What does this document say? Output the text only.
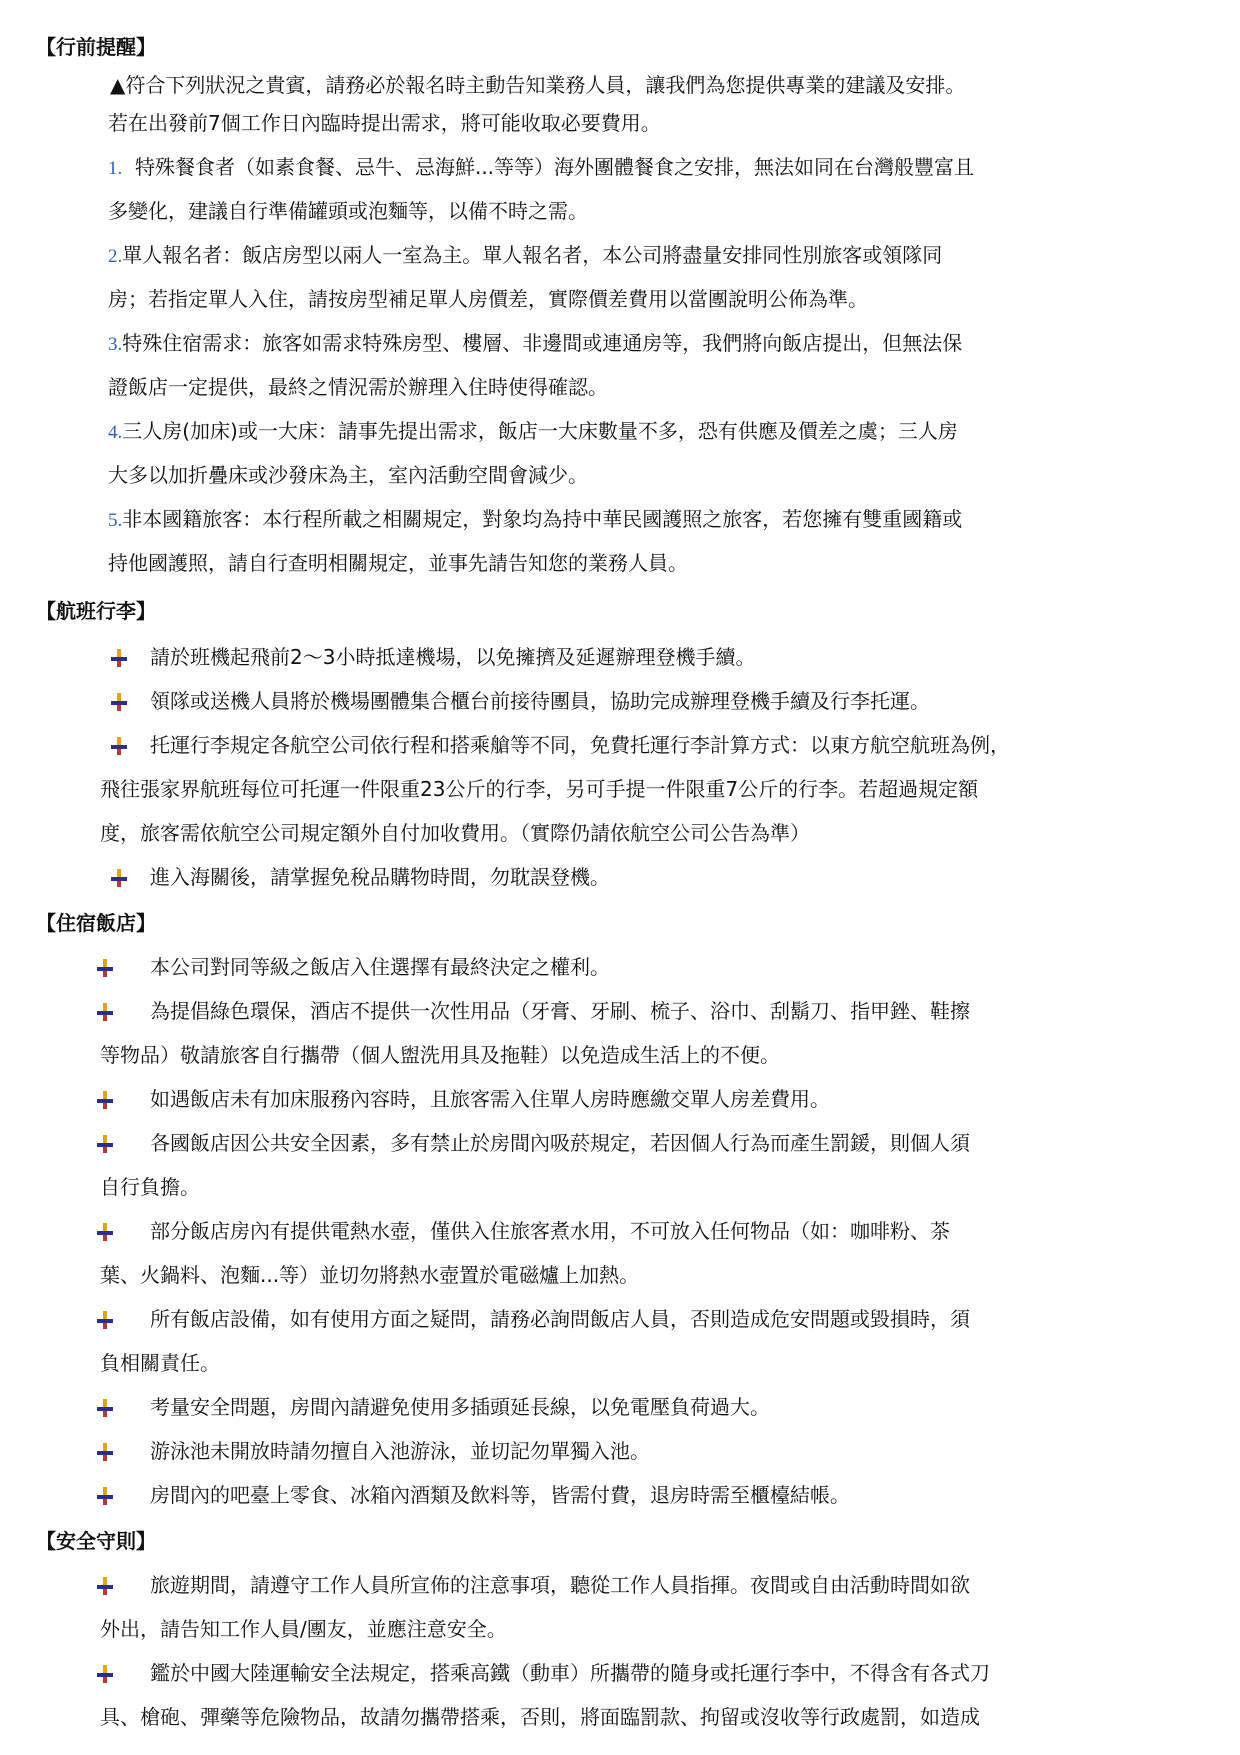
【行前提醒】
▲符合下列狀況之貴賓，請務必於報名時主動告知業務人員，讓我們為您提供專業的建議及安排。
若在出發前7個工作日內臨時提出需求，將可能收取必要費用。
1. 特殊餐食者（如素食餐、忌牛、忌海鮮...等等）海外團體餐食之安排，無法如同在台灣般豐富且
多變化，建議自行準備罐頭或泡麵等，以備不時之需。
2.單人報名者：飯店房型以兩人一室為主。單人報名者，本公司將盡量安排同性別旅客或領隊同
房；若指定單人入住，請按房型補足單人房價差，實際價差費用以當團說明公佈為準。
3.特殊住宿需求：旅客如需求特殊房型、樓層、非邊間或連通房等，我們將向飯店提出，但無法保
證飯店一定提供，最終之情況需於辦理入住時使得確認。
4.三人房(加床)或一大床：請事先提出需求，飯店一大床數量不多，恐有供應及價差之虞；三人房
大多以加折疊床或沙發床為主，室內活動空間會減少。
5.非本國籍旅客：本行程所載之相關規定，對象均為持中華民國護照之旅客，若您擁有雙重國籍或
持他國護照，請自行查明相關規定，並事先請告知您的業務人員。
【航班行李】
請於班機起飛前2～3小時抵達機場，以免擁擠及延遲辦理登機手續。
領隊或送機人員將於機場團體集合櫃台前接待團員，協助完成辦理登機手續及行李托運。
托運行李規定各航空公司依行程和搭乘艙等不同，免費托運行李計算方式：以東方航空航班為例，
飛往張家界航班每位可托運一件限重23公斤的行李，另可手提一件限重7公斤的行李。若超過規定額
度，旅客需依航空公司規定額外自付加收費用。（實際仍請依航空公司公告為準）
進入海關後，請掌握免稅品購物時間，勿耽誤登機。
【住宿飯店】
本公司對同等級之飯店入住選擇有最終決定之權利。
為提倡綠色環保，酒店不提供一次性用品（牙膏、牙刷、梳子、浴巾、刮鬍刀、指甲銼、鞋擦
等物品）敬請旅客自行攜帶（個人盥洗用具及拖鞋）以免造成生活上的不便。
如遇飯店未有加床服務內容時，且旅客需入住單人房時應繳交單人房差費用。
各國飯店因公共安全因素，多有禁止於房間內吸菸規定，若因個人行為而產生罰鍰，則個人須
自行負擔。
部分飯店房內有提供電熱水壺，僅供入住旅客煮水用，不可放入任何物品（如：咖啡粉、茶
葉、火鍋料、泡麵...等）並切勿將熱水壺置於電磁爐上加熱。
所有飯店設備，如有使用方面之疑問，請務必詢問飯店人員，否則造成危安問題或毀損時，須
負相關責任。
考量安全問題，房間內請避免使用多插頭延長線，以免電壓負荷過大。
游泳池未開放時請勿擅自入池游泳，並切記勿單獨入池。
房間內的吧臺上零食、冰箱內酒類及飲料等，皆需付費，退房時需至櫃檯結帳。
【安全守則】
旅遊期間，請遵守工作人員所宣佈的注意事項，聽從工作人員指揮。夜間或自由活動時間如欲
外出，請告知工作人員/團友，並應注意安全。
鑑於中國大陸運輸安全法規定，搭乘高鐵（動車）所攜帶的隨身或托運行李中，不得含有各式刀
具、槍砲、彈藥等危險物品，故請勿攜帶搭乘，否則，將面臨罰款、拘留或沒收等行政處罰，如造成
